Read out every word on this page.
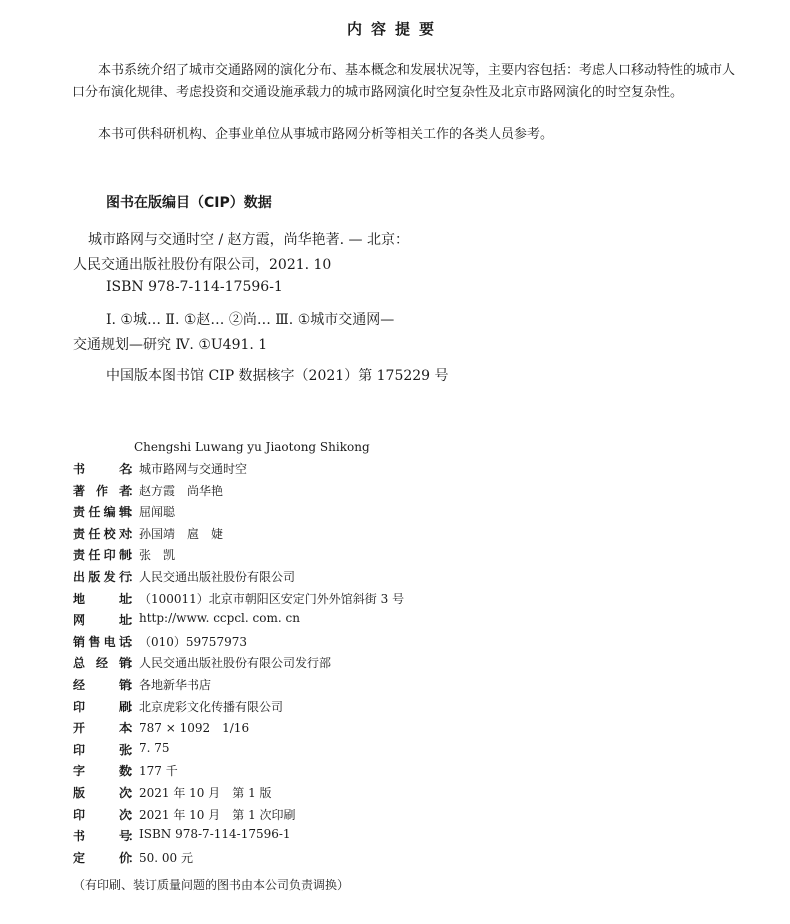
内容提要
本书系统介绍了城市交通路网的演化分布、基本概念和发展状况等，主要内容包括：考虑人口移动特性的城市人口分布演化规律、考虑投资和交通设施承载力的城市路网演化时空复杂性及北京市路网演化的时空复杂性。
本书可供科研机构、企事业单位从事城市路网分析等相关工作的各类人员参考。
图书在版编目（CIP）数据
城市路网与交通时空 / 赵方霞，尚华艳著. — 北京：
人民交通出版社股份有限公司，2021. 10
ISBN 978-7-114-17596-1
Ⅰ. ①城… Ⅱ. ①赵… ②尚… Ⅲ. ①城市交通网—
交通规划—研究 Ⅳ. ①U491. 1
中国版本图书馆 CIP 数据核字（2021）第 175229 号
Chengshi Luwang yu Jiaotong Shikong
书	名
：
城市路网与交通时空
著 作 者
：
赵方霞　尚华艳
责 任 编 辑
：
屈闻聪
责 任 校 对
：
孙国靖　扈　婕
责 任 印 制
：
张　凯
出 版 发 行
：
人民交通出版社股份有限公司
地	址
：
（100011）北京市朝阳区安定门外外馆斜街 3 号
网	址
：
http://www. ccpcl. com. cn
销 售 电 话
：
（010）59757973
总 经 销
：
人民交通出版社股份有限公司发行部
经	销
：
各地新华书店
印	刷
：
北京虎彩文化传播有限公司
开	本
：
787 × 1092　1/16
印	张
：
7. 75
字	数
：
177 千
版	次
：
2021 年 10 月　第 1 版
印	次
：
2021 年 10 月　第 1 次印刷
书	号
：
ISBN 978-7-114-17596-1
定	价
：
50. 00 元
（有印刷、装订质量问题的图书由本公司负责调换）
